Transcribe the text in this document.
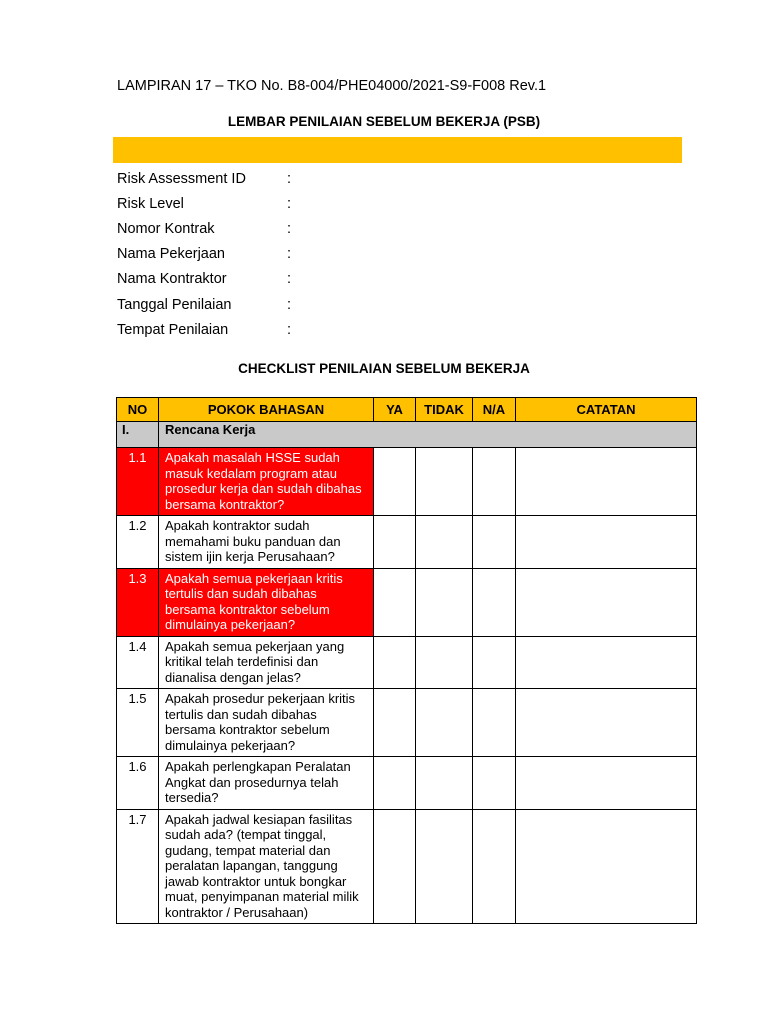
LAMPIRAN 17 – TKO No. B8-004/PHE04000/2021-S9-F008 Rev.1
LEMBAR PENILAIAN SEBELUM BEKERJA (PSB)
Risk Assessment ID	:
Risk Level	:
Nomor Kontrak	:
Nama Pekerjaan	:
Nama Kontraktor	:
Tanggal Penilaian	:
Tempat Penilaian	:
CHECKLIST PENILAIAN SEBELUM BEKERJA
NO	POKOK BAHASAN	YA	TIDAK	N/A	CATATAN
I.	Rencana Kerja				
1.1	Apakah masalah HSSE sudah masuk kedalam program atau prosedur kerja dan sudah dibahas bersama kontraktor?				
1.2	Apakah kontraktor sudah memahami buku panduan dan sistem ijin kerja Perusahaan?				
1.3	Apakah semua pekerjaan kritis tertulis dan sudah dibahas bersama kontraktor sebelum dimulainya pekerjaan?				
1.4	Apakah semua pekerjaan yang kritikal telah terdefinisi dan dianalisa dengan jelas?				
1.5	Apakah prosedur pekerjaan kritis tertulis dan sudah dibahas bersama kontraktor sebelum dimulainya pekerjaan?				
1.6	Apakah perlengkapan Peralatan Angkat dan prosedurnya telah tersedia?				
1.7	Apakah jadwal kesiapan fasilitas sudah ada? (tempat tinggal, gudang, tempat material dan peralatan lapangan, tanggung jawab kontraktor untuk bongkar muat, penyimpanan material milik kontraktor / Perusahaan)				
